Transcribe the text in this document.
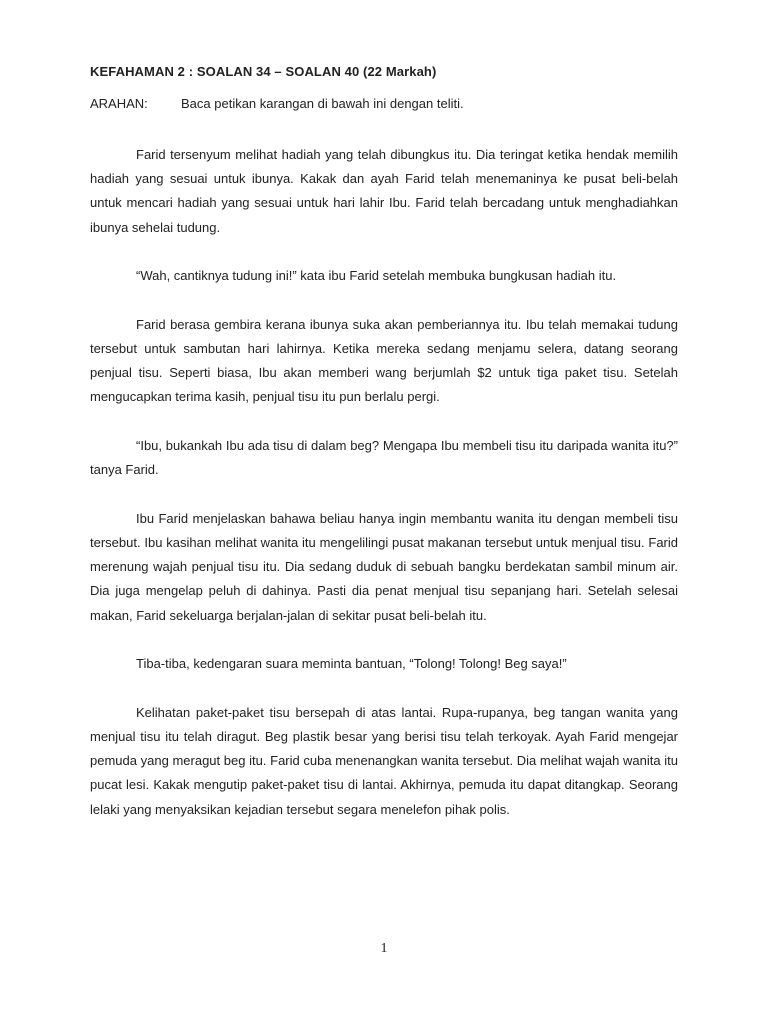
KEFAHAMAN 2 : SOALAN 34 – SOALAN 40 (22 Markah)
ARAHAN:	Baca petikan karangan di bawah ini dengan teliti.

Farid tersenyum melihat hadiah yang telah dibungkus itu. Dia teringat ketika hendak memilih hadiah yang sesuai untuk ibunya. Kakak dan ayah Farid telah menemaninya ke pusat beli-belah untuk mencari hadiah yang sesuai untuk hari lahir Ibu. Farid telah bercadang untuk menghadiahkan ibunya sehelai tudung.

“Wah, cantiknya tudung ini!” kata ibu Farid setelah membuka bungkusan hadiah itu.

Farid berasa gembira kerana ibunya suka akan pemberiannya itu. Ibu telah memakai tudung tersebut untuk sambutan hari lahirnya. Ketika mereka sedang menjamu selera, datang seorang penjual tisu. Seperti biasa, Ibu akan memberi wang berjumlah $2 untuk tiga paket tisu. Setelah mengucapkan terima kasih, penjual tisu itu pun berlalu pergi.

“Ibu, bukankah Ibu ada tisu di dalam beg? Mengapa Ibu membeli tisu itu daripada wanita itu?” tanya Farid.

Ibu Farid menjelaskan bahawa beliau hanya ingin membantu wanita itu dengan membeli tisu tersebut. Ibu kasihan melihat wanita itu mengelilingi pusat makanan tersebut untuk menjual tisu. Farid merenung wajah penjual tisu itu. Dia sedang duduk di sebuah bangku berdekatan sambil minum air. Dia juga mengelap peluh di dahinya. Pasti dia penat menjual tisu sepanjang hari. Setelah selesai makan, Farid sekeluarga berjalan-jalan di sekitar pusat beli-belah itu.

Tiba-tiba, kedengaran suara meminta bantuan, “Tolong! Tolong! Beg saya!”

Kelihatan paket-paket tisu bersepah di atas lantai. Rupa-rupanya, beg tangan wanita yang menjual tisu itu telah diragut. Beg plastik besar yang berisi tisu telah terkoyak. Ayah Farid mengejar pemuda yang meragut beg itu. Farid cuba menenangkan wanita tersebut. Dia melihat wajah wanita itu pucat lesi. Kakak mengutip paket-paket tisu di lantai. Akhirnya, pemuda itu dapat ditangkap. Seorang lelaki yang menyaksikan kejadian tersebut segara menelefon pihak polis.

1
